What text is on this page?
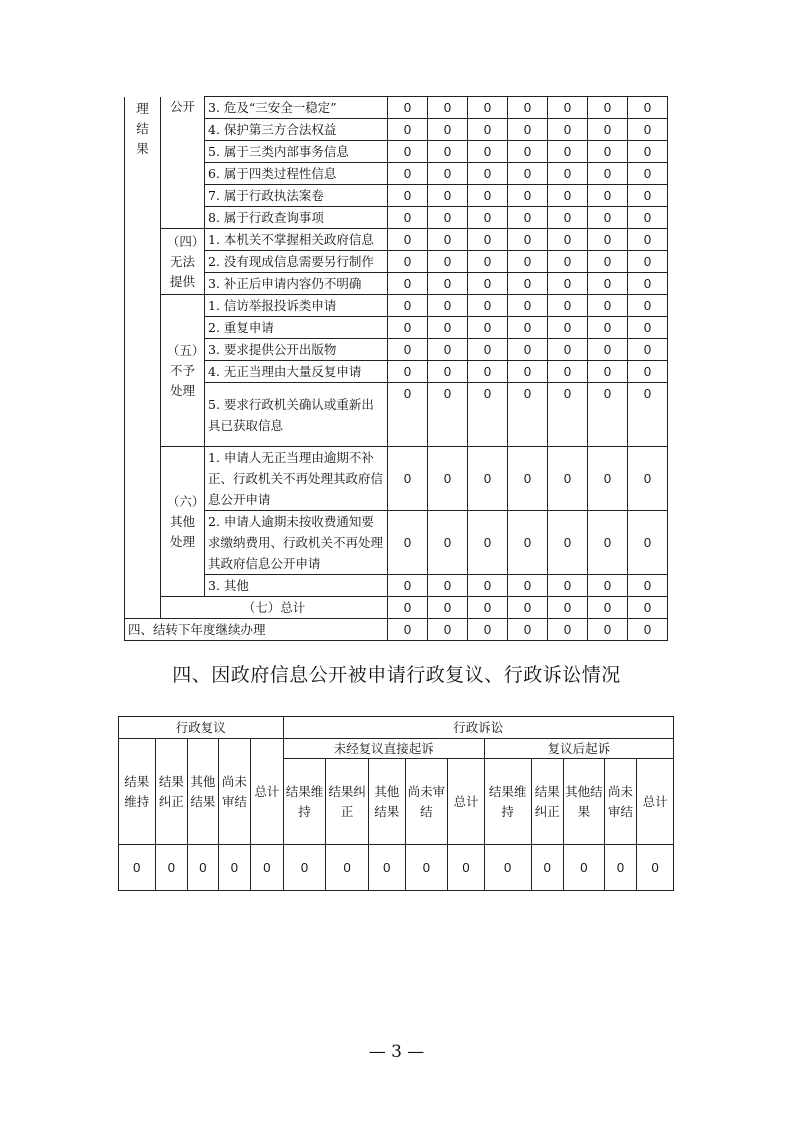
理结果	公开	3. 危及“三安全一稳定”	0	0	0	0	0	0	0
		4. 保护第三方合法权益	0	0	0	0	0	0	0
		5. 属于三类内部事务信息	0	0	0	0	0	0	0
		6. 属于四类过程性信息	0	0	0	0	0	0	0
		7. 属于行政执法案卷	0	0	0	0	0	0	0
		8. 属于行政查询事项	0	0	0	0	0	0	0
	（四）无法提供	1. 本机关不掌握相关政府信息	0	0	0	0	0	0	0
		2. 没有现成信息需要另行制作	0	0	0	0	0	0	0
		3. 补正后申请内容仍不明确	0	0	0	0	0	0	0
	（五）不予处理	1. 信访举报投诉类申请	0	0	0	0	0	0	0
		2. 重复申请	0	0	0	0	0	0	0
		3. 要求提供公开出版物	0	0	0	0	0	0	0
		4. 无正当理由大量反复申请	0	0	0	0	0	0	0
		5. 要求行政机关确认或重新出具已获取信息	0	0	0	0	0	0	0
	（六）其他处理	1. 申请人无正当理由逾期不补正、行政机关不再处理其政府信息公开申请	0	0	0	0	0	0	0
		2. 申请人逾期未按收费通知要求缴纳费用、行政机关不再处理其政府信息公开申请	0	0	0	0	0	0	0
		3. 其他	0	0	0	0	0	0	0
	（七）总计		0	0	0	0	0	0	0
四、结转下年度继续办理			0	0	0	0	0	0	0
四、因政府信息公开被申请行政复议、行政诉讼情况
行政复议					行政诉讼									
结果维持	结果纠正	其他结果	尚未审结	总计	未经复议直接起诉					复议后起诉				
					结果维持	结果纠正	其他结果	尚未审结	总计	结果维持	结果纠正	其他结果	尚未审结	总计
0	0	0	0	0	0	0	0	0	0	0	0	0	0	0
— 3 —
